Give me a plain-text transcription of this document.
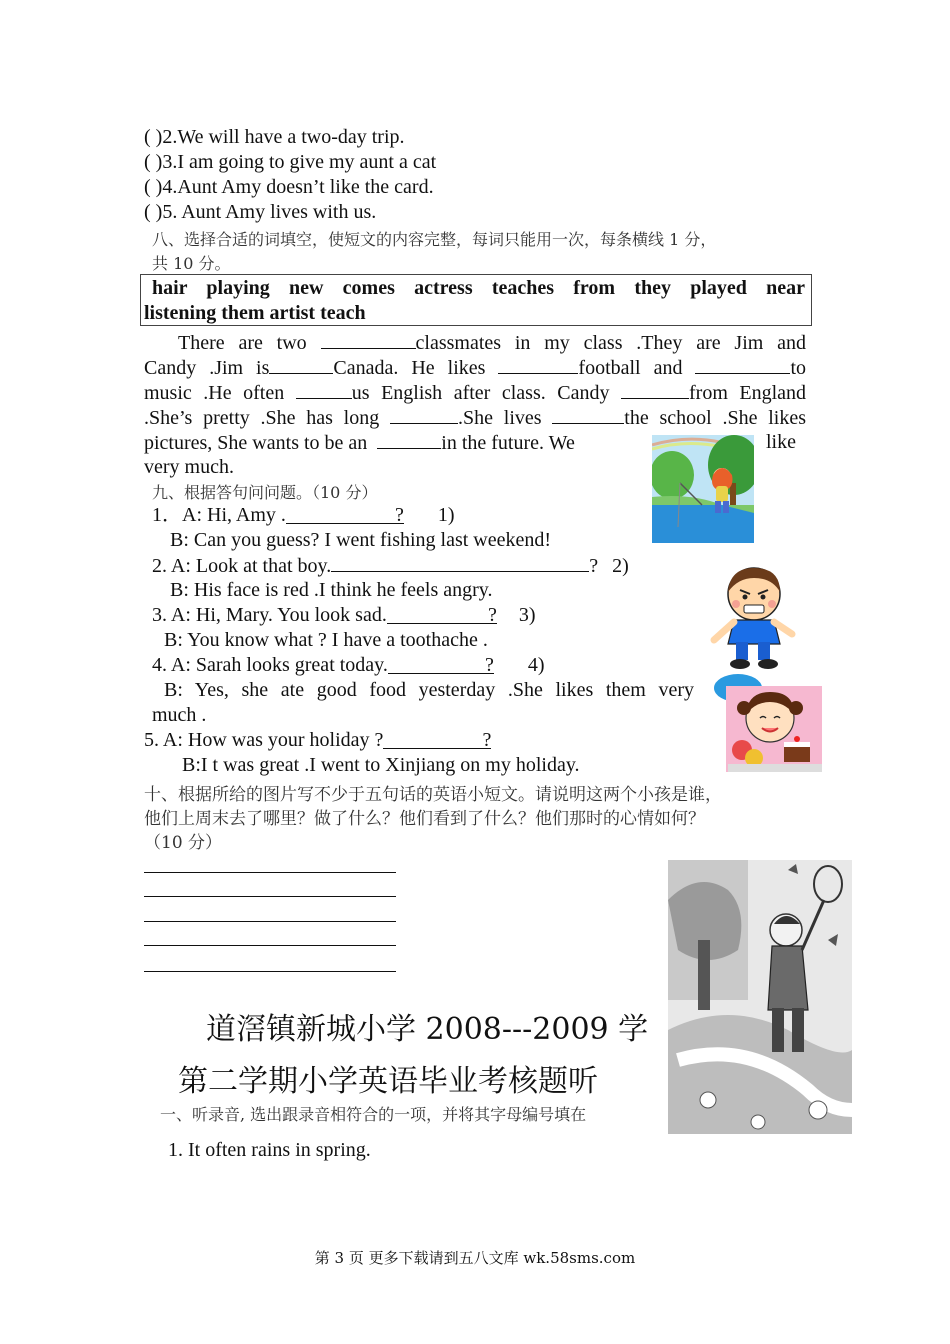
( )2.We will have a two-day trip.
( )3.I am going to give my aunt a cat
( )4.Aunt Amy doesn’t like the card.
( )5. Aunt Amy lives with us.
八、选择合适的词填空，使短文的内容完整，每词只能用一次，每条横线 1 分，
共 10 分。
hair playing new comes actress teaches from they played near
listening them artist teach
There are two	classmates in my class .They are Jim and
Candy .Jim is	Canada. He likes	football and	to
music .He often	us English after class. Candy	from England
.She’s pretty .She has long	.She lives	the school .She likes
pictures, She wants to be an	in the future. We	like
very much.
九、根据答句问问题。（10 分）
1．A: Hi, Amy .	? 1)
B: Can you guess? I went fishing last weekend!
2. A: Look at that boy.	? 2)
B: His face is red .I think he feels angry.
3. A: Hi, Mary. You look sad.	? 3)
B: You know what ? I have a toothache .
4. A: Sarah looks great today.	? 4)
B: Yes, she ate good food yesterday .She likes them very
much .
5. A: How was your holiday ?	?
B:I t was great .I went to Xinjiang on my holiday.
十、根据所给的图片写不少于五句话的英语小短文。请说明这两个小孩是谁，
他们上周末去了哪里？做了什么？他们看到了什么？他们那时的心情如何？
（10 分）
道滘镇新城小学 2008---2009 学
第二学期小学英语毕业考核题听
一、听录音, 选出跟录音相符合的一项，并将其字母编号填在
1. It often rains in spring.
第 3 页 更多下载请到五八文库 wk.58sms.com
